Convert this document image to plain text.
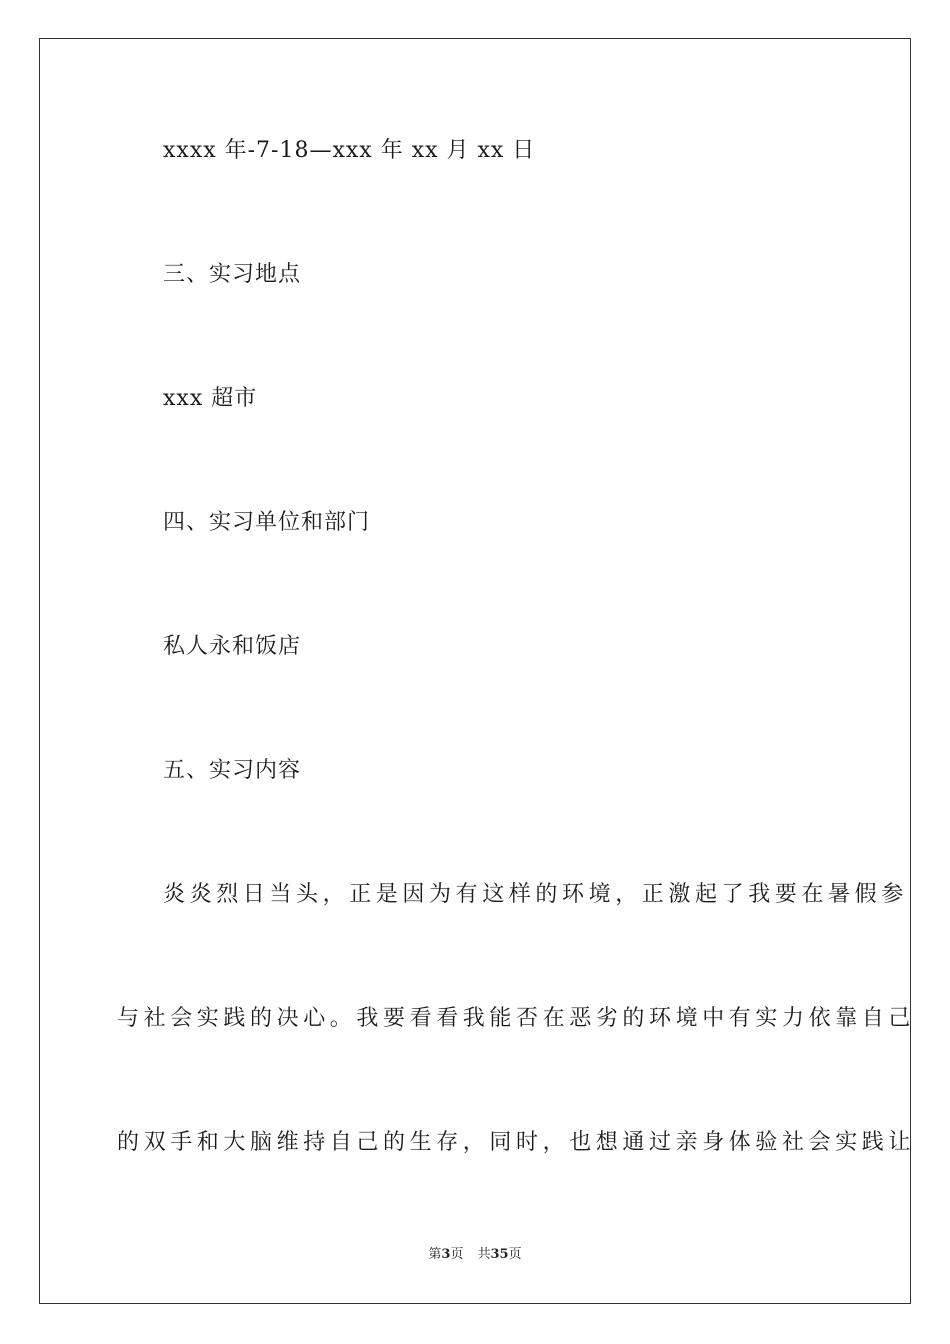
xxxx 年-7-18—xxx 年 xx 月 xx 日
三、实习地点
xxx 超市
四、实习单位和部门
私人永和饭店
五、实习内容
炎炎烈日当头，正是因为有这样的环境，正激起了我要在暑假参
与社会实践的决心。我要看看我能否在恶劣的环境中有实力依靠自己
的双手和大脑维持自己的生存，同时，也想通过亲身体验社会实践让
第3页 共35页
